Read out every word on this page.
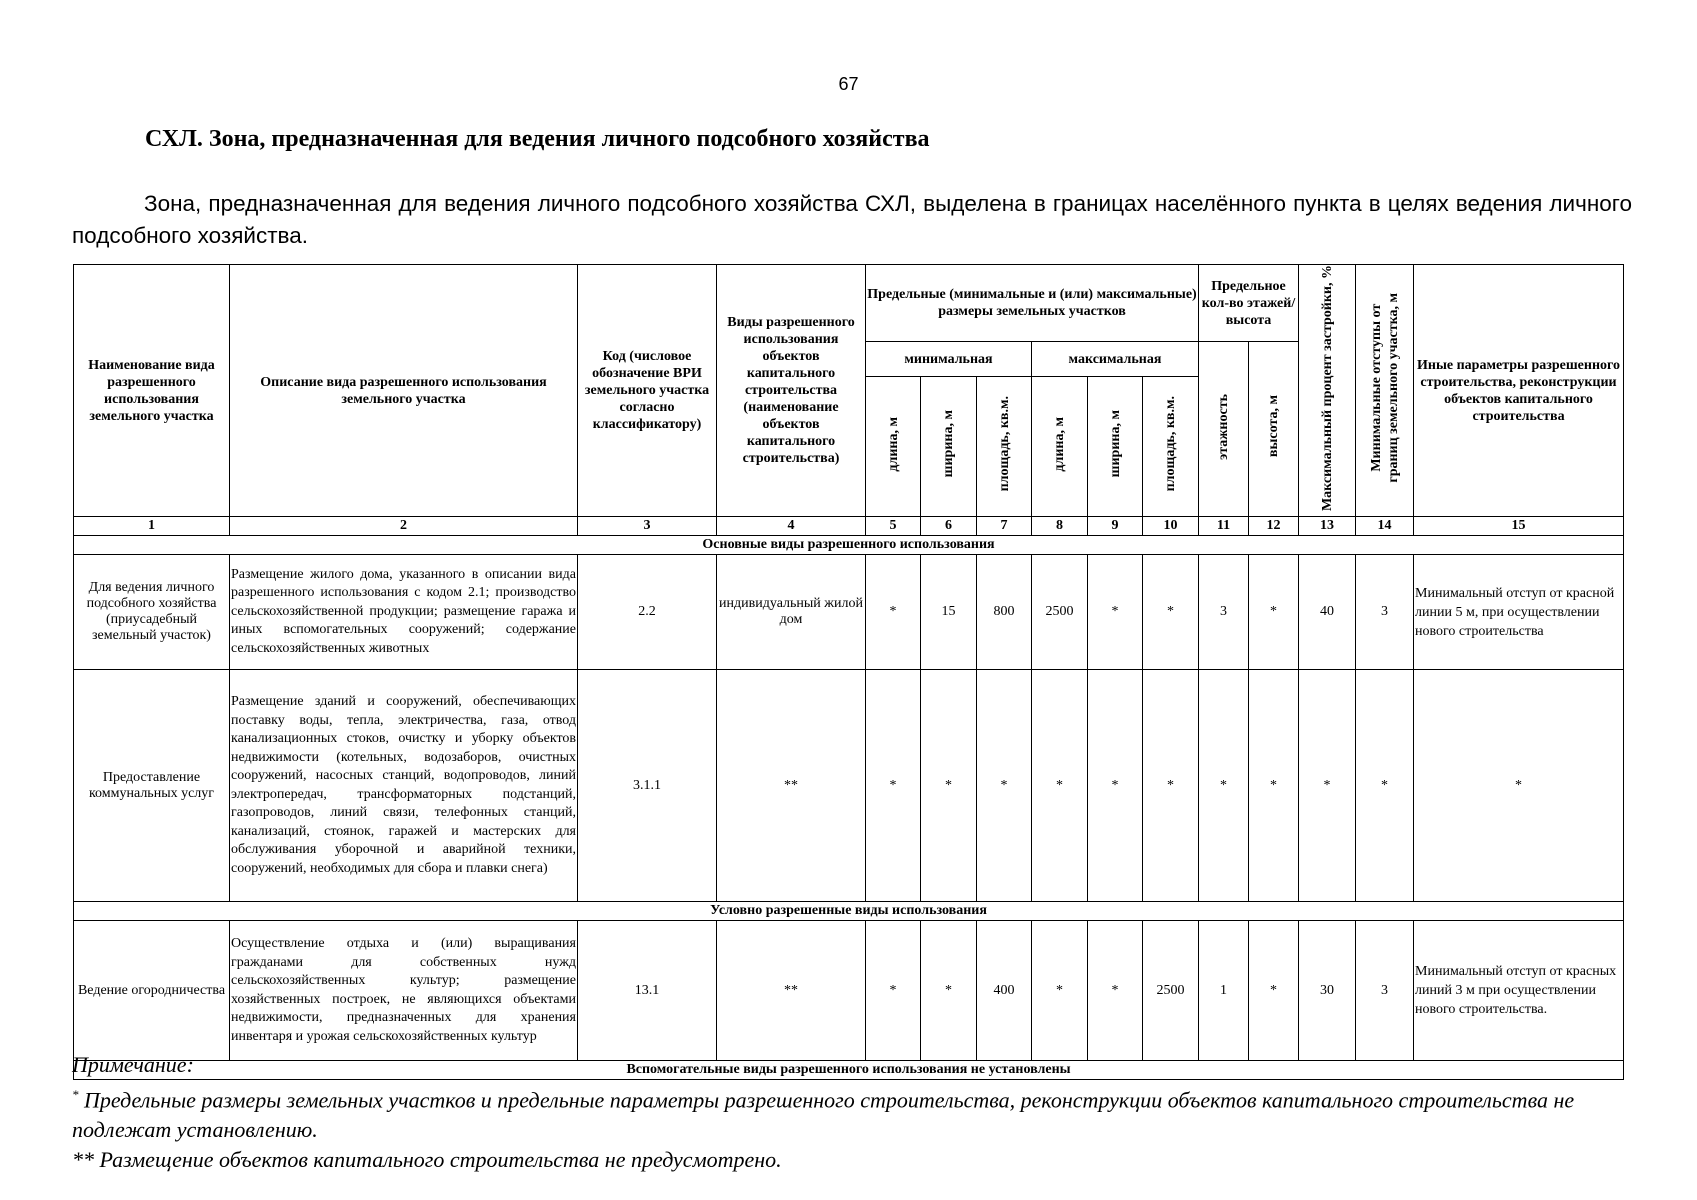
67
СХЛ. Зона, предназначенная для ведения личного подсобного хозяйства
Зона, предназначенная для ведения личного подсобного хозяйства СХЛ, выделена в границах населённого пункта в целях ведения личного подсобного хозяйства.
Наименование вида разрешенного использования земельного участка	Описание вида разрешенного использования земельного участка	Код (числовое обозначение ВРИ земельного участка согласно классификатору)	Виды разрешенного использования объектов капитального строительства (наименование объектов капитального строительства)	Предельные (минимальные и (или) максимальные) размеры земельных участков						Предельное кол-во этажей/ высота		Максимальный процент застройки, %	Минимальные отступы от границ земельного участка, м	Иные параметры разрешенного строительства, реконструкции объектов капитального строительства
				минимальная			максимальная			этажность	высота, м			
				длина, м	ширина, м	площадь, кв.м.	длина, м	ширина, м	площадь, кв.м.					
1	2	3	4	5	6	7	8	9	10	11	12	13	14	15
Основные виды разрешенного использования														
Для ведения личного подсобного хозяйства (приусадебный земельный участок)	Размещение жилого дома, указанного в описании вида разрешенного использования с кодом 2.1; производство сельскохозяйственной продукции; размещение гаража и иных вспомогательных сооружений; содержание сельскохозяйственных животных	2.2	индивидуальный жилой дом	*	15	800	2500	*	*	3	*	40	3	Минимальный отступ от красной линии 5 м, при осуществлении нового строительства
Предоставление коммунальных услуг	Размещение зданий и сооружений, обеспечивающих поставку воды, тепла, электричества, газа, отвод канализационных стоков, очистку и уборку объектов недвижимости (котельных, водозаборов, очистных сооружений, насосных станций, водопроводов, линий электропередач, трансформаторных подстанций, газопроводов, линий связи, телефонных станций, канализаций, стоянок, гаражей и мастерских для обслуживания уборочной и аварийной техники, сооружений, необходимых для сбора и плавки снега)	3.1.1	**	*	*	*	*	*	*	*	*	*	*	*
Условно разрешенные виды использования														
Ведение огородничества	Осуществление отдыха и (или) выращивания гражданами для собственных нужд сельскохозяйственных культур; размещение хозяйственных построек, не являющихся объектами недвижимости, предназначенных для хранения инвентаря и урожая сельскохозяйственных культур	13.1	**	*	*	400	*	*	2500	1	*	30	3	Минимальный отступ от красных линий 3 м при осуществлении нового строительства.
Вспомогательные виды разрешенного использования не установлены														
Примечание:
* Предельные размеры земельных участков и предельные параметры разрешенного строительства, реконструкции объектов капитального строительства не подлежат установлению.
** Размещение объектов капитального строительства не предусмотрено.
